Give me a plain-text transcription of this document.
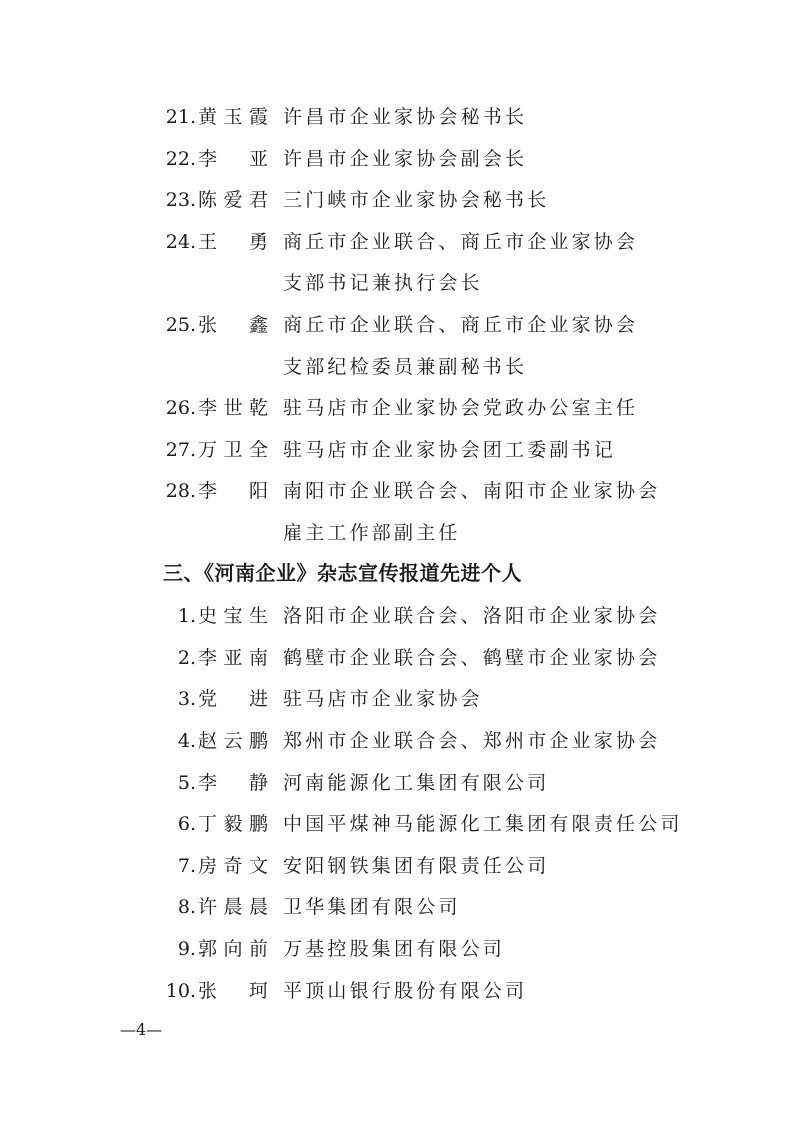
21. 黄 玉 霞 许昌市企业家协会秘书长
22. 李 亚 许昌市企业家协会副会长
23. 陈 爱 君 三门峡市企业家协会秘书长
24. 王 勇 商丘市企业联合、商丘市企业家协会
支部书记兼执行会长
25. 张 鑫 商丘市企业联合、商丘市企业家协会
支部纪检委员兼副秘书长
26. 李 世 乾 驻马店市企业家协会党政办公室主任
27. 万 卫 全 驻马店市企业家协会团工委副书记
28. 李 阳 南阳市企业联合会、南阳市企业家协会
雇主工作部副主任
三、《河南企业》杂志宣传报道先进个人
1. 史 宝 生 洛阳市企业联合会、洛阳市企业家协会
2. 李 亚 南 鹤壁市企业联合会、鹤壁市企业家协会
3. 党 进 驻马店市企业家协会
4. 赵 云 鹏 郑州市企业联合会、郑州市企业家协会
5. 李 静 河南能源化工集团有限公司
6. 丁 毅 鹏 中国平煤神马能源化工集团有限责任公司
7. 房 奇 文 安阳钢铁集团有限责任公司
8. 许 晨 晨 卫华集团有限公司
9. 郭 向 前 万基控股集团有限公司
10. 张 珂 平顶山银行股份有限公司
—4—
